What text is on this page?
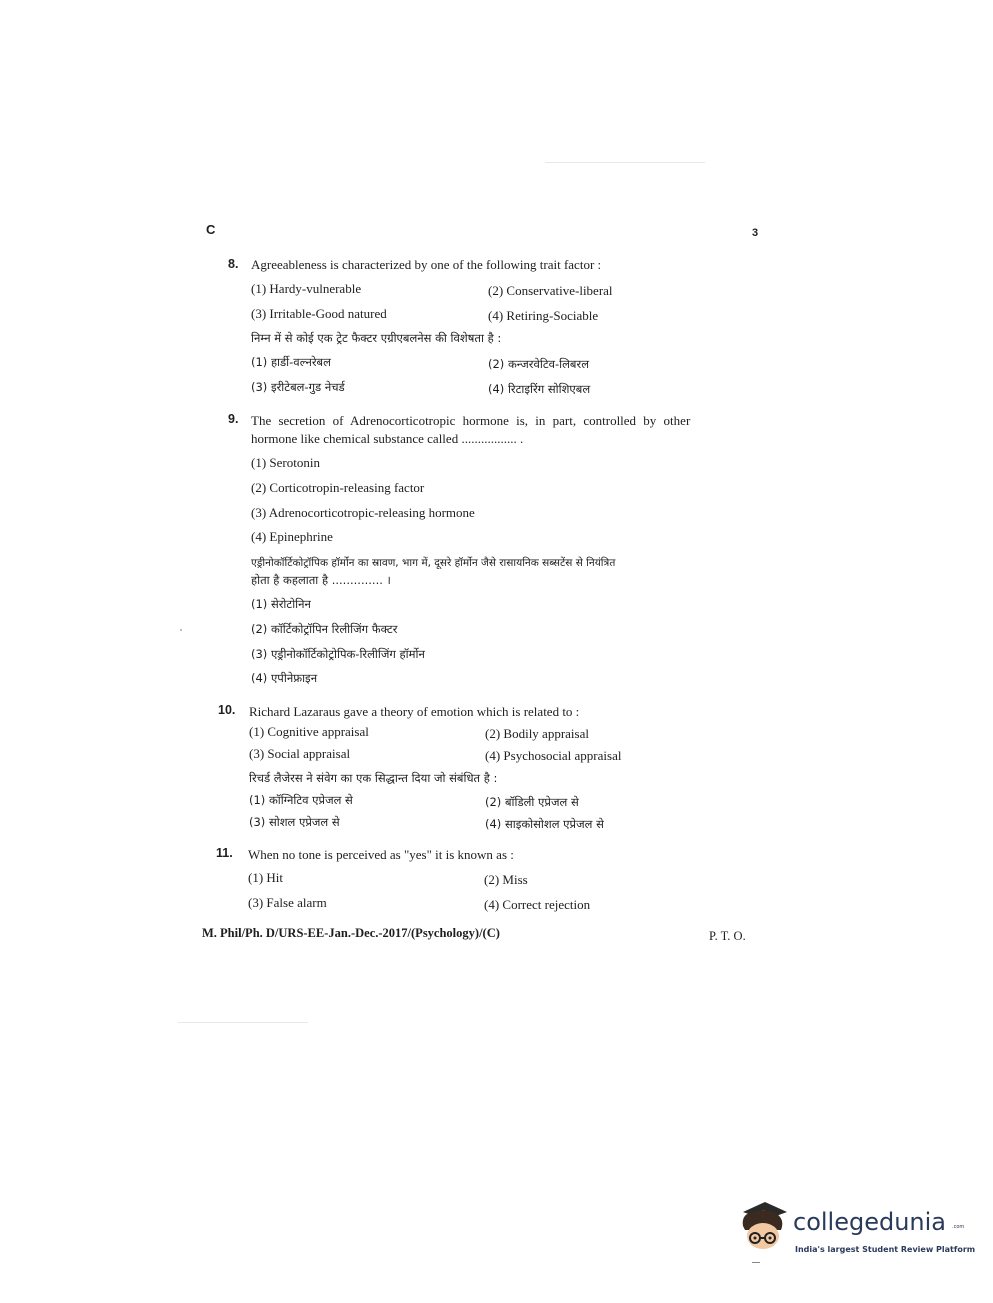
C	3
8. Agreeableness is characterized by one of the following trait factor :
(1) Hardy-vulnerable	(2) Conservative-liberal
(3) Irritable-Good natured	(4) Retiring-Sociable
निम्न में से कोई एक ट्रेट फैक्टर एग्रीएबलनेस की विशेषता है :
(1) हार्डी-वल्नरेबल	(2) कन्जरवेटिव-लिबरल
(3) इरीटेबल-गुड नेचर्ड	(4) रिटाइरिंग सोशिएबल
9. The secretion of Adrenocorticotropic hormone is, in part, controlled by other
hormone like chemical substance called ................. .
(1) Serotonin
(2) Corticotropin-releasing factor
(3) Adrenocorticotropic-releasing hormone
(4) Epinephrine
एड्रीनोकॉर्टिकोट्रॉपिक हॉर्मोन का स्रावण, भाग में, दूसरे हॉर्मोन जैसे रासायनिक सब्सटेंस से नियंत्रित
होता है कहलाता है .............. ।
(1) सेरोटोनिन
(2) कॉर्टिकोट्रॉपिन रिलीजिंग फैक्टर
(3) एड्रीनोकॉर्टिकोट्रोपिक-रिलीजिंग हॉर्मोन
(4) एपीनेफ्राइन
10. Richard Lazaraus gave a theory of emotion which is related to :
(1) Cognitive appraisal	(2) Bodily appraisal
(3) Social appraisal	(4) Psychosocial appraisal
रिचर्ड लैजेरस ने संवेग का एक सिद्धान्त दिया जो संबंधित है :
(1) कॉग्निटिव एप्रेजल से	(2) बॉडिली एप्रेजल से
(3) सोशल एप्रेजल से	(4) साइकोसोशल एप्रेजल से
11. When no tone is perceived as "yes" it is known as :
(1) Hit	(2) Miss
(3) False alarm	(4) Correct rejection
M. Phil/Ph. D/URS-EE-Jan.-Dec.-2017/(Psychology)/(C)	P. T. O.
collegedunia .com
India's largest Student Review Platform
